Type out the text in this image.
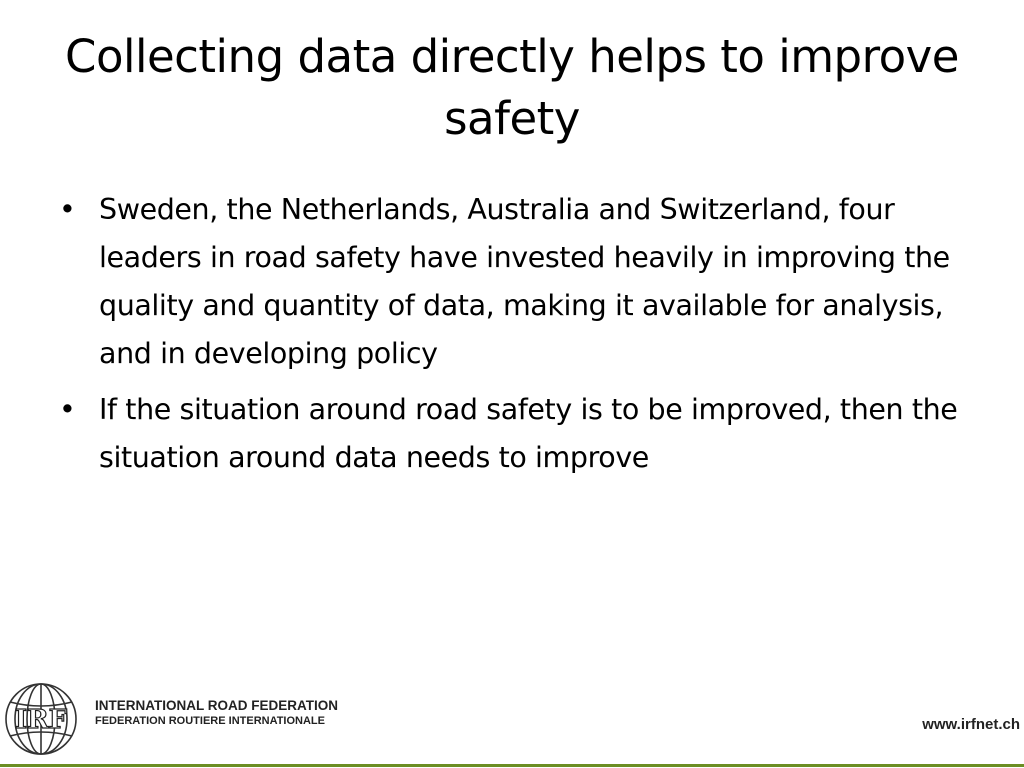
Collecting data directly helps to improve safety
• Sweden, the Netherlands, Australia and Switzerland, four leaders in road safety have invested heavily in improving the quality and quantity of data, making it available for analysis, and in developing policy
• If the situation around road safety is to be improved, then the situation around data needs to improve
IRF INTERNATIONAL ROAD FEDERATION
FEDERATION ROUTIERE INTERNATIONALE	www.irfnet.ch
